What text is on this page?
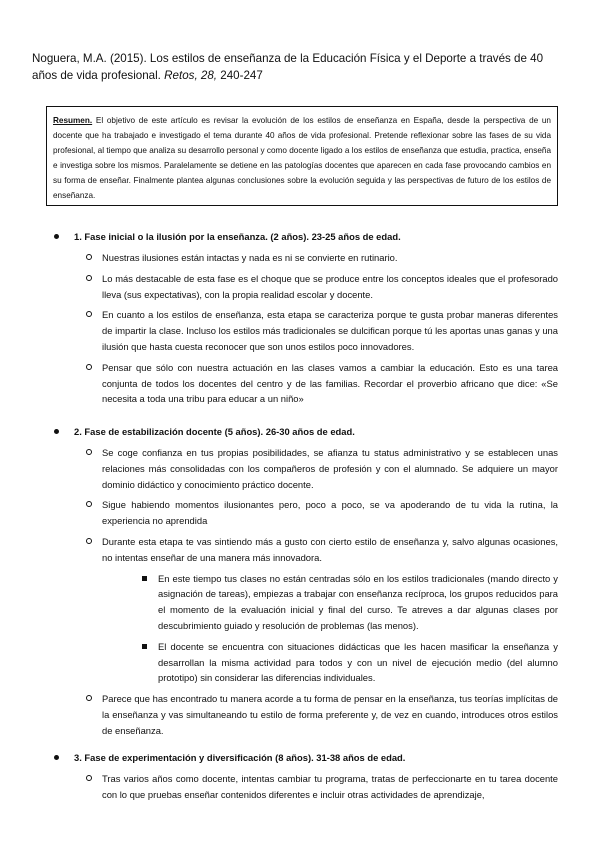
Noguera, M.A. (2015). Los estilos de enseñanza de la Educación Física y el Deporte a través de 40 años de vida profesional. Retos, 28, 240-247
Resumen. El objetivo de este artículo es revisar la evolución de los estilos de enseñanza en España, desde la perspectiva de un docente que ha trabajado e investigado el tema durante 40 años de vida profesional. Pretende reflexionar sobre las fases de su vida profesional, al tiempo que analiza su desarrollo personal y como docente ligado a los estilos de enseñanza que estudia, practica, enseña e investiga sobre los mismos. Paralelamente se detiene en las patologías docentes que aparecen en cada fase provocando cambios en su forma de enseñar. Finalmente plantea algunas conclusiones sobre la evolución seguida y las perspectivas de futuro de los estilos de enseñanza.
1. Fase inicial o la ilusión por la enseñanza. (2 años). 23-25 años de edad.
Nuestras ilusiones están intactas y nada es ni se convierte en rutinario.
Lo más destacable de esta fase es el choque que se produce entre los conceptos ideales que el profesorado lleva (sus expectativas), con la propia realidad escolar y docente.
En cuanto a los estilos de enseñanza, esta etapa se caracteriza porque te gusta probar maneras diferentes de impartir la clase. Incluso los estilos más tradicionales se dulcifican porque tú les aportas unas ganas y una ilusión que hasta cuesta reconocer que son unos estilos poco innovadores.
Pensar que sólo con nuestra actuación en las clases vamos a cambiar la educación. Esto es una tarea conjunta de todos los docentes del centro y de las familias. Recordar el proverbio africano que dice: «Se necesita a toda una tribu para educar a un niño»
2. Fase de estabilización docente (5 años). 26-30 años de edad.
Se coge confianza en tus propias posibilidades, se afianza tu status administrativo y se establecen unas relaciones más consolidadas con los compañeros de profesión y con el alumnado. Se adquiere un mayor dominio didáctico y conocimiento práctico docente.
Sigue habiendo momentos ilusionantes pero, poco a poco, se va apoderando de tu vida la rutina, la experiencia no aprendida
Durante esta etapa te vas sintiendo más a gusto con cierto estilo de enseñanza y, salvo algunas ocasiones, no intentas enseñar de una manera más innovadora.
En este tiempo tus clases no están centradas sólo en los estilos tradicionales (mando directo y asignación de tareas), empiezas a trabajar con enseñanza recíproca, los grupos reducidos para el momento de la evaluación inicial y final del curso. Te atreves a dar algunas clases por descubrimiento guiado y resolución de problemas (las menos).
El docente se encuentra con situaciones didácticas que les hacen masificar la enseñanza y desarrollan la misma actividad para todos y con un nivel de ejecución medio (del alumno prototipo) sin considerar las diferencias individuales.
Parece que has encontrado tu manera acorde a tu forma de pensar en la enseñanza, tus teorías implícitas de la enseñanza y vas simultaneando tu estilo de forma preferente y, de vez en cuando, introduces otros estilos de enseñanza.
3. Fase de experimentación y diversificación (8 años). 31-38 años de edad.
Tras varios años como docente, intentas cambiar tu programa, tratas de perfeccionarte en tu tarea docente con lo que pruebas enseñar contenidos diferentes e incluir otras actividades de aprendizaje,
